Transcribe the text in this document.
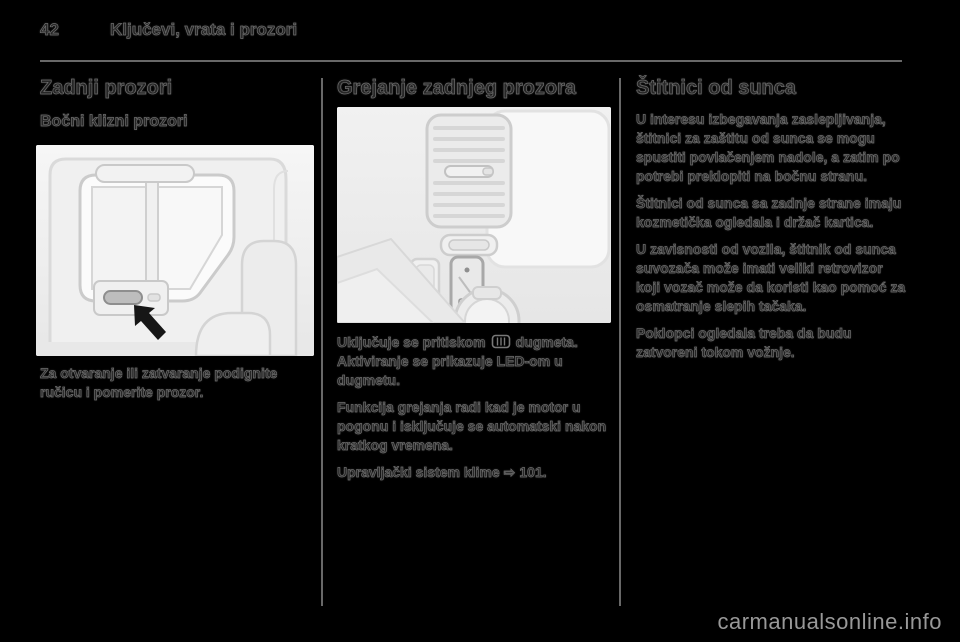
42	Ključevi, vrata i prozori
Zadnji prozori
Bočni klizni prozori

Za otvaranje ili zatvaranje podignite ručicu i pomerite prozor.

Grejanje zadnjeg prozora

Uključuje se pritiskom dugmeta. Aktiviranje se prikazuje LED-om u dugmetu.

Funkcija grejanja radi kad je motor u pogonu i isključuje se automatski nakon kratkog vremena.

Upravljački sistem klime ⇨ 101.

Štitnici od sunca

U interesu izbegavanja zaslepljivanja, štitnici za zaštitu od sunca se mogu spustiti povlačenjem nadole, a zatim po potrebi preklopiti na bočnu stranu.

Štitnici od sunca sa zadnje strane imaju kozmetička ogledala i držač kartica.

U zavisnosti od vozila, štitnik od sunca suvozača može imati veliki retrovizor koji vozač može da koristi kao pomoć za osmatranje slepih tačaka.

Poklopci ogledala treba da budu zatvoreni tokom vožnje.

carmanualsonline.info
